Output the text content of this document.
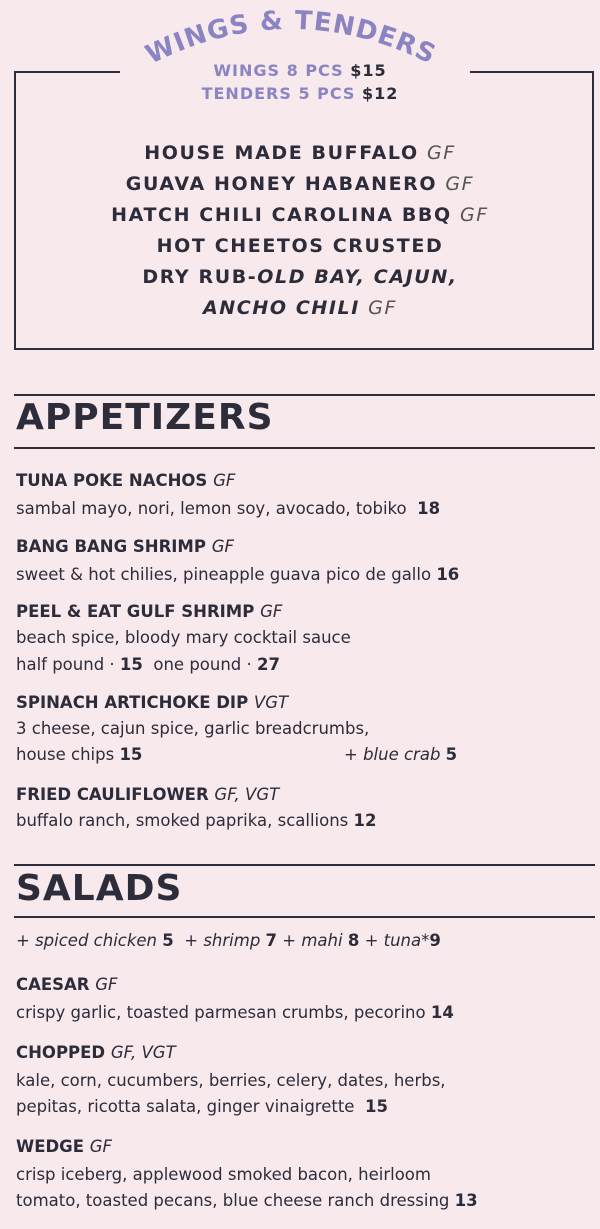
WINGS & TENDERS
WINGS 8 PCS $15
TENDERS 5 PCS $12
HOUSE MADE BUFFALO GF
GUAVA HONEY HABANERO GF
HATCH CHILI CAROLINA BBQ GF
HOT CHEETOS CRUSTED
DRY RUB-OLD BAY, CAJUN,
ANCHO CHILI GF
APPETIZERS
TUNA POKE NACHOS GF
sambal mayo, nori, lemon soy, avocado, tobiko 18
BANG BANG SHRIMP GF
sweet & hot chilies, pineapple guava pico de gallo 16
PEEL & EAT GULF SHRIMP GF
beach spice, bloody mary cocktail sauce
half pound · 15 one pound · 27
SPINACH ARTICHOKE DIP VGT
3 cheese, cajun spice, garlic breadcrumbs,
house chips 15	+ blue crab 5
FRIED CAULIFLOWER GF, VGT
buffalo ranch, smoked paprika, scallions 12
SALADS
+ spiced chicken 5 + shrimp 7 + mahi 8 + tuna*9
CAESAR GF
crispy garlic, toasted parmesan crumbs, pecorino 14
CHOPPED GF, VGT
kale, corn, cucumbers, berries, celery, dates, herbs,
pepitas, ricotta salata, ginger vinaigrette 15
WEDGE GF
crisp iceberg, applewood smoked bacon, heirloom
tomato, toasted pecans, blue cheese ranch dressing 13
